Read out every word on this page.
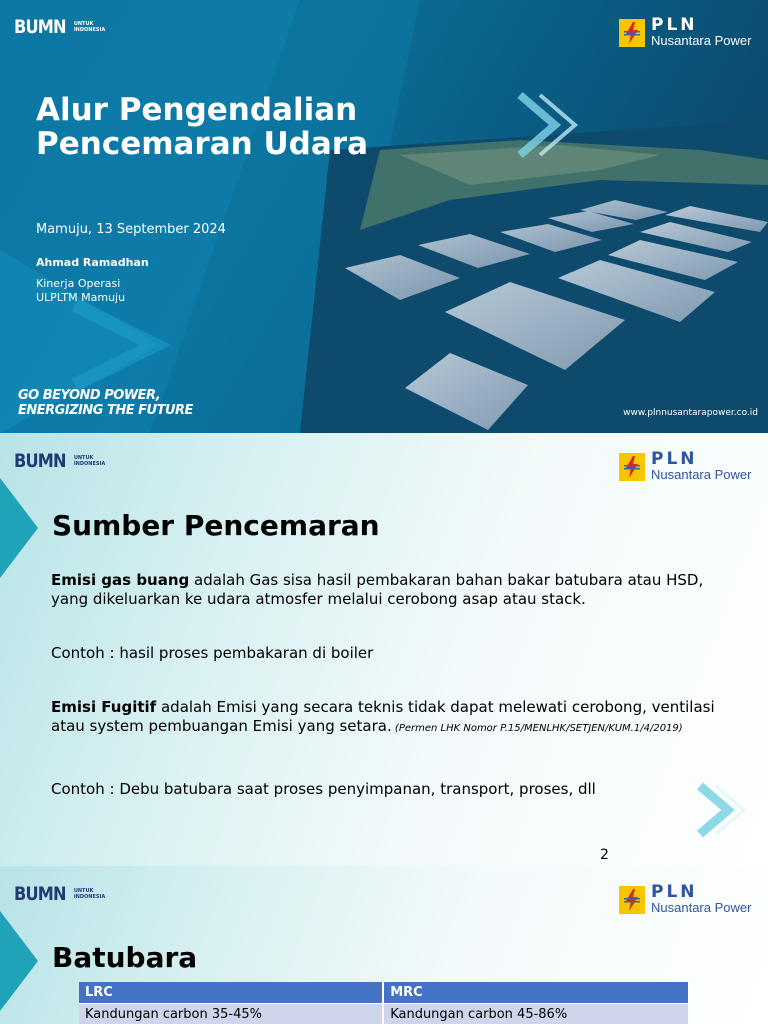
BUMN UNTUK
INDONESIA	PLN
Nusantara Power
Alur Pengendalian Pencemaran Udara
Mamuju, 13 September 2024
Ahmad Ramadhan
Kinerja Operasi
ULPLTM Mamuju
GO BEYOND POWER,
ENERGIZING THE FUTURE	www.plnnusantarapower.co.id
BUMN UNTUK
INDONESIA	PLN
Nusantara Power
Sumber Pencemaran
Emisi gas buang adalah Gas sisa hasil pembakaran bahan bakar batubara atau HSD, yang dikeluarkan ke udara atmosfer melalui cerobong asap atau stack.
Contoh : hasil proses pembakaran di boiler
Emisi Fugitif adalah Emisi yang secara teknis tidak dapat melewati cerobong, ventilasi atau system pembuangan Emisi yang setara. (Permen LHK Nomor P.15/MENLHK/SETJEN/KUM.1/4/2019)
Contoh : Debu batubara saat proses penyimpanan, transport, proses, dll
2
BUMN UNTUK
INDONESIA	PLN
Nusantara Power
Batubara
LRC	MRC
Kandungan carbon 35-45%	Kandungan carbon 45-86%
